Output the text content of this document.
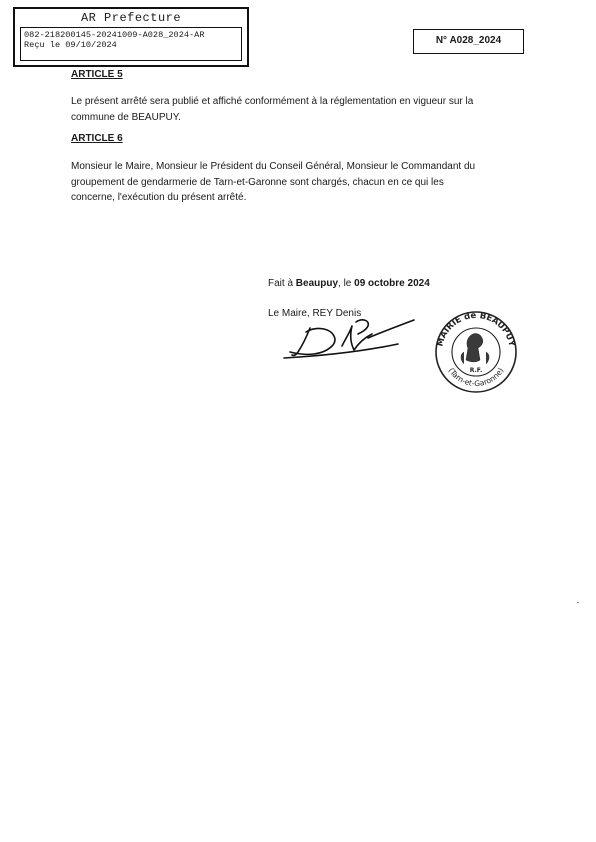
AR Prefecture
082-218200145-20241009-A028_2024-AR
Reçu le 09/10/2024	N° A028_2024
ARTICLE 5
Le présent arrêté sera publié et affiché conformément à la réglementation en vigueur sur la
commune de BEAUPUY.
ARTICLE 6
Monsieur le Maire, Monsieur le Président du Conseil Général, Monsieur le Commandant du
groupement de gendarmerie de Tarn-et-Garonne sont chargés, chacun en ce qui les
concerne, l'exécution du présent arrêté.
Fait à Beaupuy, le 09 octobre 2024
Le Maire, REY Denis
MAIRIE de BEAUPUY
(Tarn-et-Garonne)
R.F.
